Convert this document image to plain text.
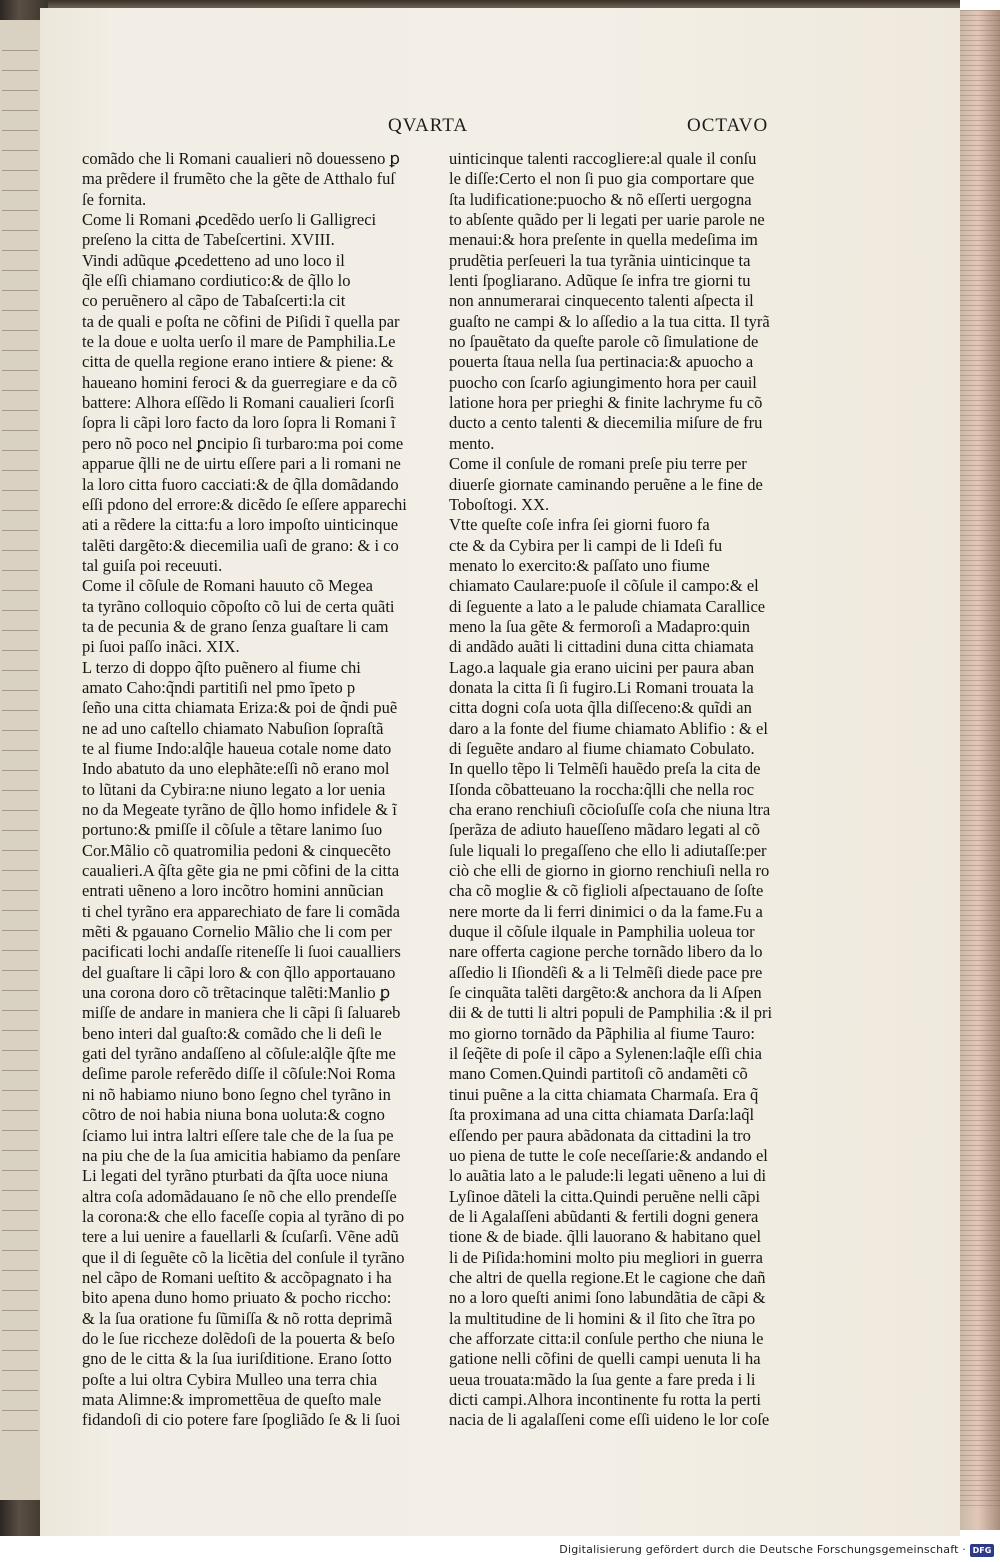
QVARTA	OCTAVO
comãdo che li Romani caualieri nõ douesseno ꝑ
ma prẽdere il frumẽto che la gẽte de Atthalo fuſ
ſe fornita.
Come li Romani ꝓcedẽdo uerſo li Galligreci
preſeno la citta de Tabeſcertini. XVIII.
Vindi adũque ꝓcedetteno ad uno loco il
q̃le eſſi chiamano cordiutico:& de q̃llo lo
co peruẽnero al cãpo de Tabaſcerti:la cit
ta de quali e poſta ne cõfini de Piſidi ĩ quella par
te la doue e uolta uerſo il mare de Pamphilia.Le
citta de quella regione erano intiere & piene: &
haueano homini feroci & da guerregiare e da cõ
battere: Alhora eſſẽdo li Romani caualieri ſcorſi
ſopra li cãpi loro facto da loro ſopra li Romani ĩ
pero nõ poco nel ꝑncipio ſi turbaro:ma poi come
apparue q̃lli ne de uirtu eſſere pari a li romani ne
la loro citta fuoro cacciati:& de q̃lla domãdando
eſſi pdono del errore:& dicẽdo ſe eſſere apparechi
ati a rẽdere la citta:fu a loro impoſto uinticinque
talẽti dargẽto:& diecemilia uaſi de grano: & i co
tal guiſa poi receuuti.
Come il cõſule de Romani hauuto cõ Megea
ta tyrãno colloquio cõpoſto cõ lui de certa quãti
ta de pecunia & de grano ſenza guaſtare li cam
pi ſuoi paſſo inãci. XIX.
L terzo di doppo q̃ſto puẽnero al fiume chi
amato Caho:q̃ndi partitiſi nel pmo ĩpeto p
ſeño una citta chiamata Eriza:& poi de q̃ndi puẽ
ne ad uno caſtello chiamato Nabuſion ſopraſtã
te al fiume Indo:alq̃le haueua cotale nome dato
Indo abatuto da uno elephãte:eſſi nõ erano mol
to lũtani da Cybira:ne niuno legato a lor uenia
no da Megeate tyrãno de q̃llo homo infidele & ĩ
portuno:& pmiſſe il cõſule a tẽtare lanimo ſuo
Cor.Mãlio cõ quatromilia pedoni & cinquecẽto
caualieri.A q̃ſta gẽte gia ne pmi cõfini de la citta
entrati uẽneno a loro incõtro homini annũcian
ti chel tyrãno era apparechiato de fare li comãda
mẽti & pgauano Cornelio Mãlio che li com per
pacificati lochi andaſſe riteneſſe li ſuoi caualliers
del guaſtare li cãpi loro & con q̃llo apportauano
una corona doro cõ trẽtacinque talẽti:Manlio ꝑ
miſſe de andare in maniera che li cãpi ſi ſaluareb
beno interi dal guaſto:& comãdo che li deſi le
gati del tyrãno andaſſeno al cõſule:alq̃le q̃ſte me
deſime parole referẽdo diſſe il cõſule:Noi Roma
ni nõ habiamo niuno bono ſegno chel tyrãno in
cõtro de noi habia niuna bona uoluta:& cogno
ſciamo lui intra laltri eſſere tale che de la ſua pe
na piu che de la ſua amicitia habiamo da penſare
Li legati del tyrãno pturbati da q̃ſta uoce niuna
altra coſa adomãdauano ſe nõ che ello prendeſſe
la corona:& che ello faceſſe copia al tyrãno di po
tere a lui uenire a fauellarli & ſcuſarſi. Vẽne adũ
que il di ſeguẽte cõ la licẽtia del conſule il tyrãno
nel cãpo de Romani ueſtito & accõpagnato i ha
bito apena duno homo priuato & pocho riccho:
& la ſua oratione fu ſũmiſſa & nõ rotta deprimã
do le ſue riccheze dolẽdoſi de la pouerta & beſo
gno de le citta & la ſua iuriſditione. Erano ſotto
poſte a lui oltra Cybira Mulleo una terra chia
mata Alimne:& impromettẽua de queſto male
fidandoſi di cio potere fare ſpogliãdo ſe & li ſuoi
uinticinque talenti raccogliere:al quale il conſu
le diſſe:Certo el non ſi puo gia comportare que
ſta ludificatione:puocho & nõ eſſerti uergogna
to abſente quãdo per li legati per uarie parole ne
menaui:& hora preſente in quella medeſima im
prudẽtia perſeueri la tua tyrãnia uinticinque ta
lenti ſpogliarano. Adũque ſe infra tre giorni tu
non annumerarai cinquecento talenti aſpecta il
guaſto ne campi & lo aſſedio a la tua citta. Il tyrã
no ſpauẽtato da queſte parole cõ ſimulatione de
pouerta ſtaua nella ſua pertinacia:& apuocho a
puocho con ſcarſo agiungimento hora per cauil
latione hora per prieghi & finite lachryme fu cõ
ducto a cento talenti & diecemilia miſure de fru
mento.
Come il conſule de romani preſe piu terre per
diuerſe giornate caminando peruẽne a le fine de
Toboſtogi. XX.
Vtte queſte coſe infra ſei giorni fuoro fa
cte & da Cybira per li campi de li Ideſi fu
menato lo exercito:& paſſato uno fiume
chiamato Caulare:puoſe il cõſule il campo:& el
di ſeguente a lato a le palude chiamata Carallice
meno la ſua gẽte & fermoroſi a Madapro:quin
di andãdo auãti li cittadini duna citta chiamata
Lago.a laquale gia erano uicini per paura aban
donata la citta ſi ſi fugiro.Li Romani trouata la
citta dogni coſa uota q̃lla diſſeceno:& quĩdi an
daro a la fonte del fiume chiamato Ablifio : & el
di ſeguẽte andaro al fiume chiamato Cobulato.
In quello tẽpo li Telmẽſi hauẽdo preſa la cita de
Iſonda cõbatteuano la roccha:q̃lli che nella roc
cha erano renchiuſi cõcioſuſſe coſa che niuna ltra
ſperãza de adiuto haueſſeno mãdaro legati al cõ
ſule liquali lo pregaſſeno che ello li adiutaſſe:per
ciò che elli de giorno in giorno renchiuſi nella ro
cha cõ moglie & cõ figlioli aſpectauano de ſoſte
nere morte da li ferri dinimici o da la fame.Fu a
duque il cõſule ilquale in Pamphilia uoleua tor
nare offerta cagione perche tornãdo libero da lo
aſſedio li Iſiondẽſi & a li Telmẽſi diede pace pre
ſe cinquãta talẽti dargẽto:& anchora da li Aſpen
dii & de tutti li altri populi de Pamphilia :& il pri
mo giorno tornãdo da Pãphilia al fiume Tauro:
il ſeq̃ẽte di poſe il cãpo a Sylenen:laq̃le eſſi chia
mano Comen.Quindi partitoſi cõ andamẽti cõ
tinui puẽne a la citta chiamata Charmaſa. Era q̃
ſta proximana ad una citta chiamata Darſa:laq̃l
eſſendo per paura abãdonata da cittadini la tro
uo piena de tutte le coſe neceſſarie:& andando el
lo auãtia lato a le palude:li legati uẽneno a lui di
Lyſinoe dãteli la citta.Quindi peruẽne nelli cãpi
de li Agalaſſeni abũdanti & fertili dogni genera
tione & de biade. q̃lli lauorano & habitano quel
li de Piſida:homini molto piu megliori in guerra
che altri de quella regione.Et le cagione che dañ
no a loro queſti animi ſono labundãtia de cãpi &
la multitudine de li homini & il ſito che ĩtra po
che afforzate citta:il conſule pertho che niuna le
gatione nelli cõfini de quelli campi uenuta li ha
ueua trouata:mãdo la ſua gente a fare preda i li
dicti campi.Alhora incontinente fu rotta la perti
nacia de li agalaſſeni come eſſi uideno le lor coſe
Digitalisierung gefördert durch die Deutsche Forschungsgemeinschaft · DFG
